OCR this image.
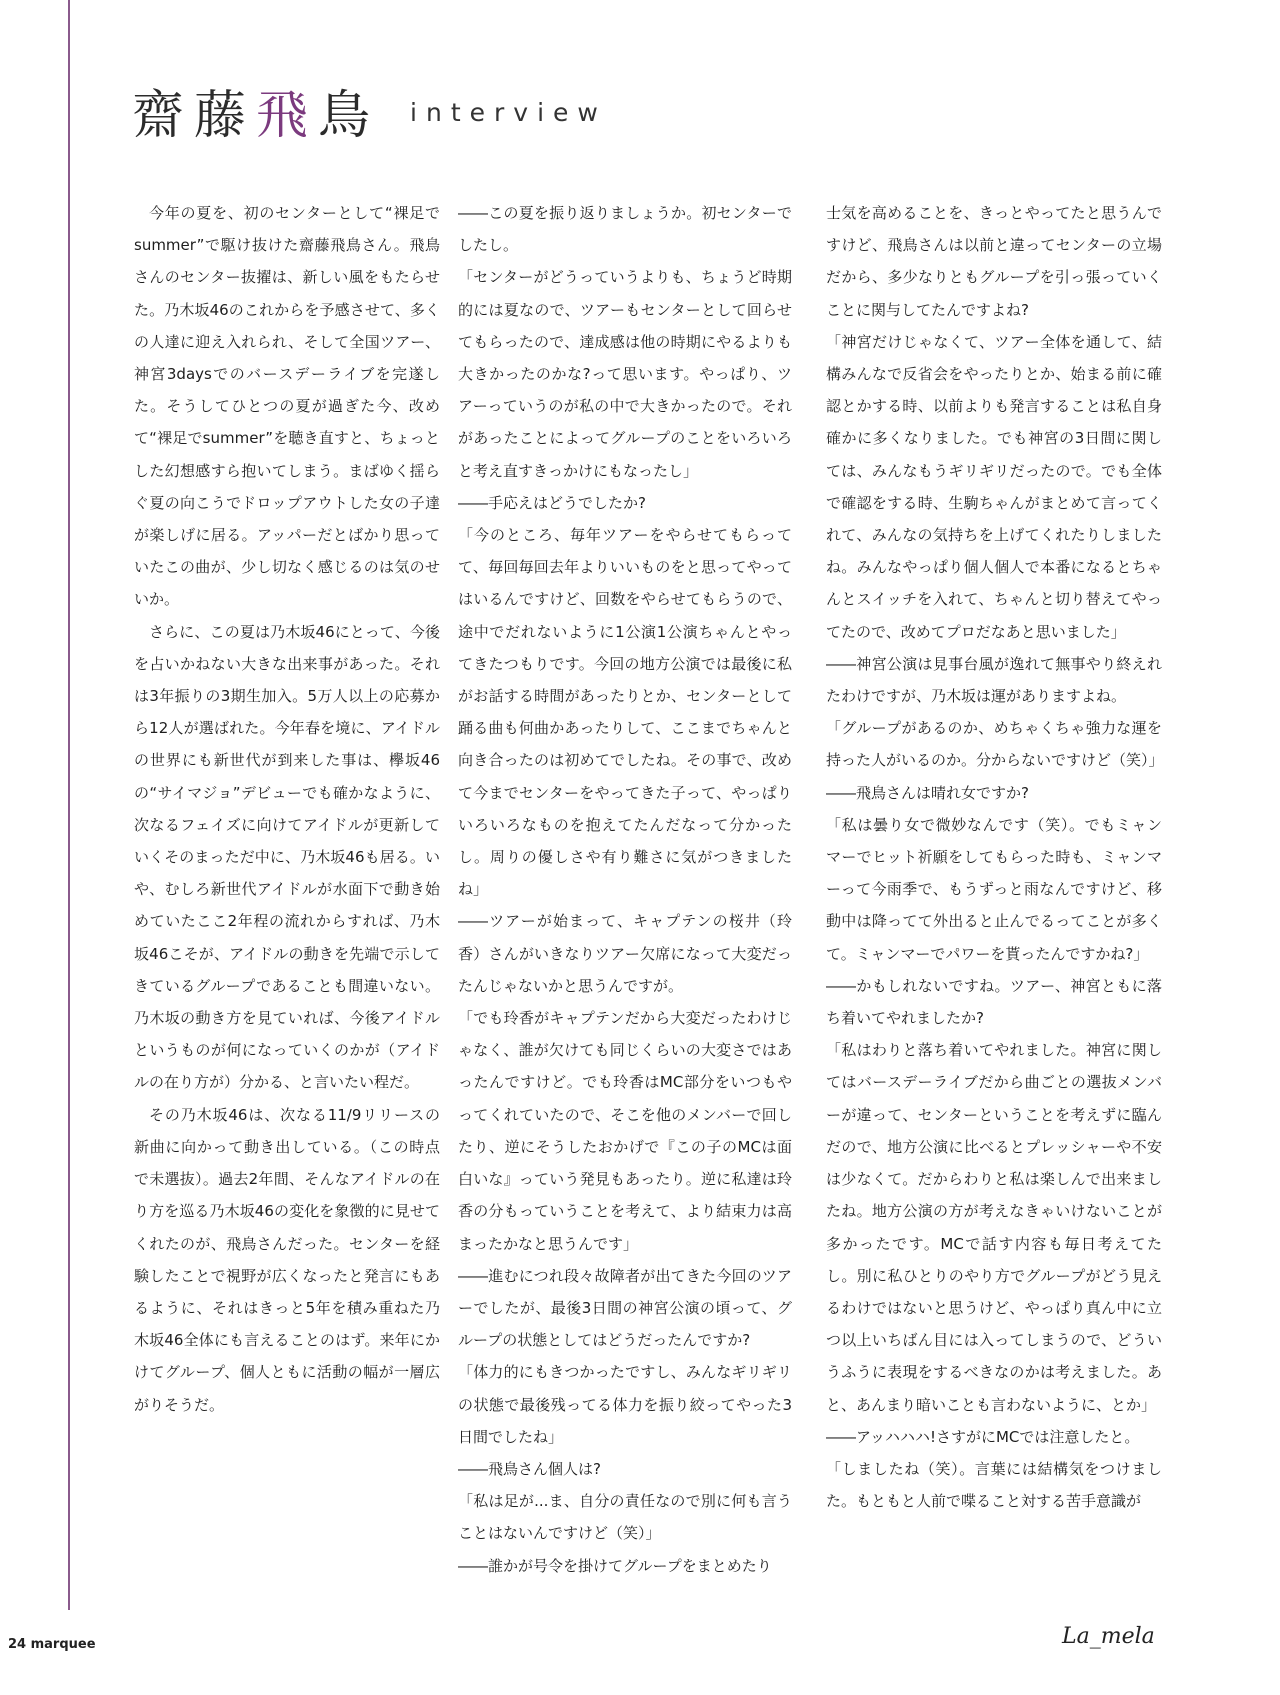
齋藤飛鳥 interview

今年の夏を、初のセンターとして“裸足でsummer”で駆け抜けた齋藤飛鳥さん。飛鳥さんのセンター抜擢は、新しい風をもたらせた。乃木坂46のこれからを予感させて、多くの人達に迎え入れられ、そして全国ツアー、神宮3daysでのバースデーライブを完遂した。そうしてひとつの夏が過ぎた今、改めて“裸足でsummer”を聴き直すと、ちょっとした幻想感すら抱いてしまう。まばゆく揺らぐ夏の向こうでドロップアウトした女の子達が楽しげに居る。アッパーだとばかり思っていたこの曲が、少し切なく感じるのは気のせいか。

さらに、この夏は乃木坂46にとって、今後を占いかねない大きな出来事があった。それは3年振りの3期生加入。5万人以上の応募から12人が選ばれた。今年春を境に、アイドルの世界にも新世代が到来した事は、欅坂46の“サイマジョ”デビューでも確かなように、次なるフェイズに向けてアイドルが更新していくそのまっただ中に、乃木坂46も居る。いや、むしろ新世代アイドルが水面下で動き始めていたここ2年程の流れからすれば、乃木坂46こそが、アイドルの動きを先端で示してきているグループであることも間違いない。乃木坂の動き方を見ていれば、今後アイドルというものが何になっていくのかが（アイドルの在り方が）分かる、と言いたい程だ。

その乃木坂46は、次なる11/9リリースの新曲に向かって動き出している。（この時点で未選抜）。過去2年間、そんなアイドルの在り方を巡る乃木坂46の変化を象徴的に見せてくれたのが、飛鳥さんだった。センターを経験したことで視野が広くなったと発言にもあるように、それはきっと5年を積み重ねた乃木坂46全体にも言えることのはず。来年にかけてグループ、個人ともに活動の幅が一層広がりそうだ。

――この夏を振り返りましょうか。初センターでしたし。

「センターがどうっていうよりも、ちょうど時期的には夏なので、ツアーもセンターとして回らせてもらったので、達成感は他の時期にやるよりも大きかったのかな?って思います。やっぱり、ツアーっていうのが私の中で大きかったので。それがあったことによってグループのことをいろいろと考え直すきっかけにもなったし」

――手応えはどうでしたか?

「今のところ、毎年ツアーをやらせてもらってて、毎回毎回去年よりいいものをと思ってやってはいるんですけど、回数をやらせてもらうので、途中でだれないように1公演1公演ちゃんとやってきたつもりです。今回の地方公演では最後に私がお話する時間があったりとか、センターとして踊る曲も何曲かあったりして、ここまでちゃんと向き合ったのは初めてでしたね。その事で、改めて今までセンターをやってきた子って、やっぱりいろいろなものを抱えてたんだなって分かったし。周りの優しさや有り難さに気がつきましたね」

――ツアーが始まって、キャプテンの桜井（玲香）さんがいきなりツアー欠席になって大変だったんじゃないかと思うんですが。

「でも玲香がキャプテンだから大変だったわけじゃなく、誰が欠けても同じくらいの大変さではあったんですけど。でも玲香はMC部分をいつもやってくれていたので、そこを他のメンバーで回したり、逆にそうしたおかげで『この子のMCは面白いな』っていう発見もあったり。逆に私達は玲香の分もっていうことを考えて、より結束力は高まったかなと思うんです」

――進むにつれ段々故障者が出てきた今回のツアーでしたが、最後3日間の神宮公演の頃って、グループの状態としてはどうだったんですか?

「体力的にもきつかったですし、みんなギリギリの状態で最後残ってる体力を振り絞ってやった3日間でしたね」

――飛鳥さん個人は?

「私は足が...ま、自分の責任なので別に何も言うことはないんですけど（笑）」

――誰かが号令を掛けてグループをまとめたり

士気を高めることを、きっとやってたと思うんですけど、飛鳥さんは以前と違ってセンターの立場だから、多少なりともグループを引っ張っていくことに関与してたんですよね?

「神宮だけじゃなくて、ツアー全体を通して、結構みんなで反省会をやったりとか、始まる前に確認とかする時、以前よりも発言することは私自身確かに多くなりました。でも神宮の3日間に関しては、みんなもうギリギリだったので。でも全体で確認をする時、生駒ちゃんがまとめて言ってくれて、みんなの気持ちを上げてくれたりしましたね。みんなやっぱり個人個人で本番になるとちゃんとスイッチを入れて、ちゃんと切り替えてやってたので、改めてプロだなあと思いました」

――神宮公演は見事台風が逸れて無事やり終えれたわけですが、乃木坂は運がありますよね。

「グループがあるのか、めちゃくちゃ強力な運を持った人がいるのか。分からないですけど（笑）」

――飛鳥さんは晴れ女ですか?

「私は曇り女で微妙なんです（笑）。でもミャンマーでヒット祈願をしてもらった時も、ミャンマーって今雨季で、もうずっと雨なんですけど、移動中は降ってて外出ると止んでるってことが多くて。ミャンマーでパワーを貰ったんですかね?」

――かもしれないですね。ツアー、神宮ともに落ち着いてやれましたか?

「私はわりと落ち着いてやれました。神宮に関してはバースデーライブだから曲ごとの選抜メンバーが違って、センターということを考えずに臨んだので、地方公演に比べるとプレッシャーや不安は少なくて。だからわりと私は楽しんで出来ましたね。地方公演の方が考えなきゃいけないことが多かったです。MCで話す内容も毎日考えてたし。別に私ひとりのやり方でグループがどう見えるわけではないと思うけど、やっぱり真ん中に立つ以上いちばん目には入ってしまうので、どういうふうに表現をするべきなのかは考えました。あと、あんまり暗いことも言わないように、とか」

――アッハハハ!さすがにMCでは注意したと。

「しましたね（笑）。言葉には結構気をつけました。もともと人前で喋ること対する苦手意識が

24 marquee	La_mela
